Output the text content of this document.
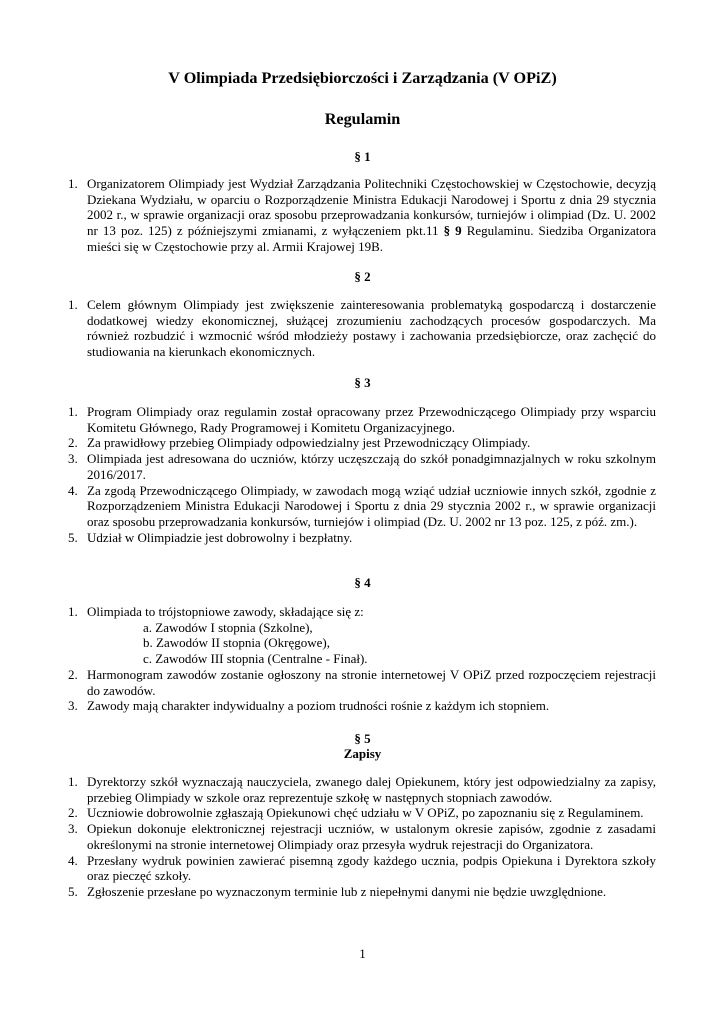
V Olimpiada Przedsiębiorczości i Zarządzania (V OPiZ)
Regulamin
§ 1
1. Organizatorem Olimpiady jest Wydział Zarządzania Politechniki Częstochowskiej w Częstochowie, decyzją Dziekana Wydziału, w oparciu o Rozporządzenie Ministra Edukacji Narodowej i Sportu z dnia 29 stycznia 2002 r., w sprawie organizacji oraz sposobu przeprowadzania konkursów, turniejów i olimpiad (Dz. U. 2002 nr 13 poz. 125) z późniejszymi zmianami, z wyłączeniem pkt.11 § 9 Regulaminu. Siedziba Organizatora mieści się w Częstochowie przy al. Armii Krajowej 19B.
§ 2
1. Celem głównym Olimpiady jest zwiększenie zainteresowania problematyką gospodarczą i dostarczenie dodatkowej wiedzy ekonomicznej, służącej zrozumieniu zachodzących procesów gospodarczych. Ma również rozbudzić i wzmocnić wśród młodzieży postawy i zachowania przedsiębiorcze, oraz zachęcić do studiowania na kierunkach ekonomicznych.
§ 3
1. Program Olimpiady oraz regulamin został opracowany przez Przewodniczącego Olimpiady przy wsparciu Komitetu Głównego, Rady Programowej i Komitetu Organizacyjnego.
2. Za prawidłowy przebieg Olimpiady odpowiedzialny jest Przewodniczący Olimpiady.
3. Olimpiada jest adresowana do uczniów, którzy uczęszczają do szkół ponadgimnazjalnych w roku szkolnym 2016/2017.
4. Za zgodą Przewodniczącego Olimpiady, w zawodach mogą wziąć udział uczniowie innych szkół, zgodnie z Rozporządzeniem Ministra Edukacji Narodowej i Sportu z dnia 29 stycznia 2002 r., w sprawie organizacji oraz sposobu przeprowadzania konkursów, turniejów i olimpiad (Dz. U. 2002 nr 13 poz. 125, z póź. zm.).
5. Udział w Olimpiadzie jest dobrowolny i bezpłatny.
§ 4
1. Olimpiada to trójstopniowe zawody, składające się z:
a. Zawodów I stopnia (Szkolne),
b. Zawodów II stopnia (Okręgowe),
c. Zawodów III stopnia (Centralne - Finał).
2. Harmonogram zawodów zostanie ogłoszony na stronie internetowej V OPiZ przed rozpoczęciem rejestracji do zawodów.
3. Zawody mają charakter indywidualny a poziom trudności rośnie z każdym ich stopniem.
§ 5
Zapisy
1. Dyrektorzy szkół wyznaczają nauczyciela, zwanego dalej Opiekunem, który jest odpowiedzialny za zapisy, przebieg Olimpiady w szkole oraz reprezentuje szkołę w następnych stopniach zawodów.
2. Uczniowie dobrowolnie zgłaszają Opiekunowi chęć udziału w V OPiZ, po zapoznaniu się z Regulaminem.
3. Opiekun dokonuje elektronicznej rejestracji uczniów, w ustalonym okresie zapisów, zgodnie z zasadami określonymi na stronie internetowej Olimpiady oraz przesyła wydruk rejestracji do Organizatora.
4. Przesłany wydruk powinien zawierać pisemną zgody każdego ucznia, podpis Opiekuna i Dyrektora szkoły oraz pieczęć szkoły.
5. Zgłoszenie przesłane po wyznaczonym terminie lub z niepełnymi danymi nie będzie uwzględnione.
1
